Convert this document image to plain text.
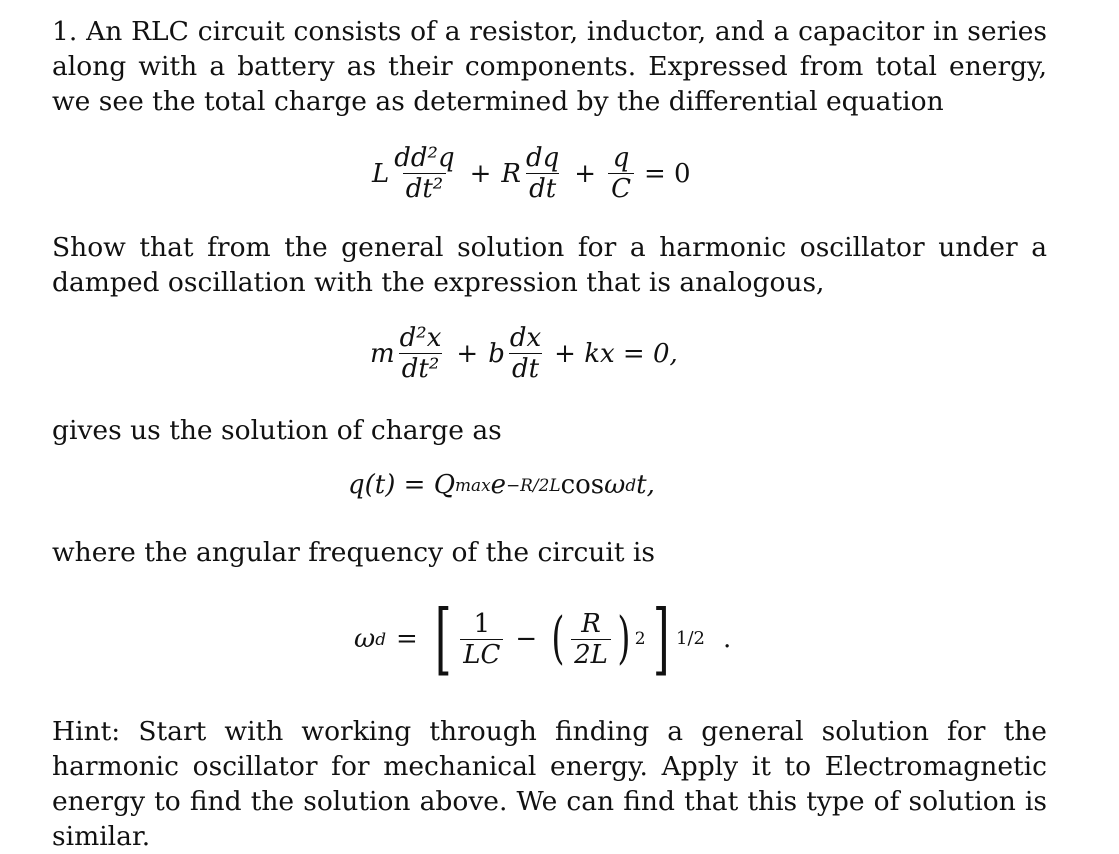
1. An RLC circuit consists of a resistor, inductor, and a capacitor in series along with a battery as their components. Expressed from total energy, we see the total charge as determined by the differential equation
L $\frac{\text{dd²q}}{\text{dt²}} + R \frac{dq}{dt} + \frac{q}{C} = 0$
Show that from the general solution for a harmonic oscillator under a damped oscillation with the expression that is analogous,
m $\frac{\text{d²x}}{\text{dt²}} + b \frac{dx}{dt}$ + kx = 0,
gives us the solution of charge as
q(t) = Q max e −R/2L cos ω d t,
where the angular frequency of the circuit is
ω d = [ $\frac{1}{LC}$ − ( $\frac{R}{2L}$ ) 2 ] 1/2 .
Hint: Start with working through finding a general solution for the harmonic oscillator for mechanical energy. Apply it to Electromagnetic energy to find the solution above. We can find that this type of solution is similar.
